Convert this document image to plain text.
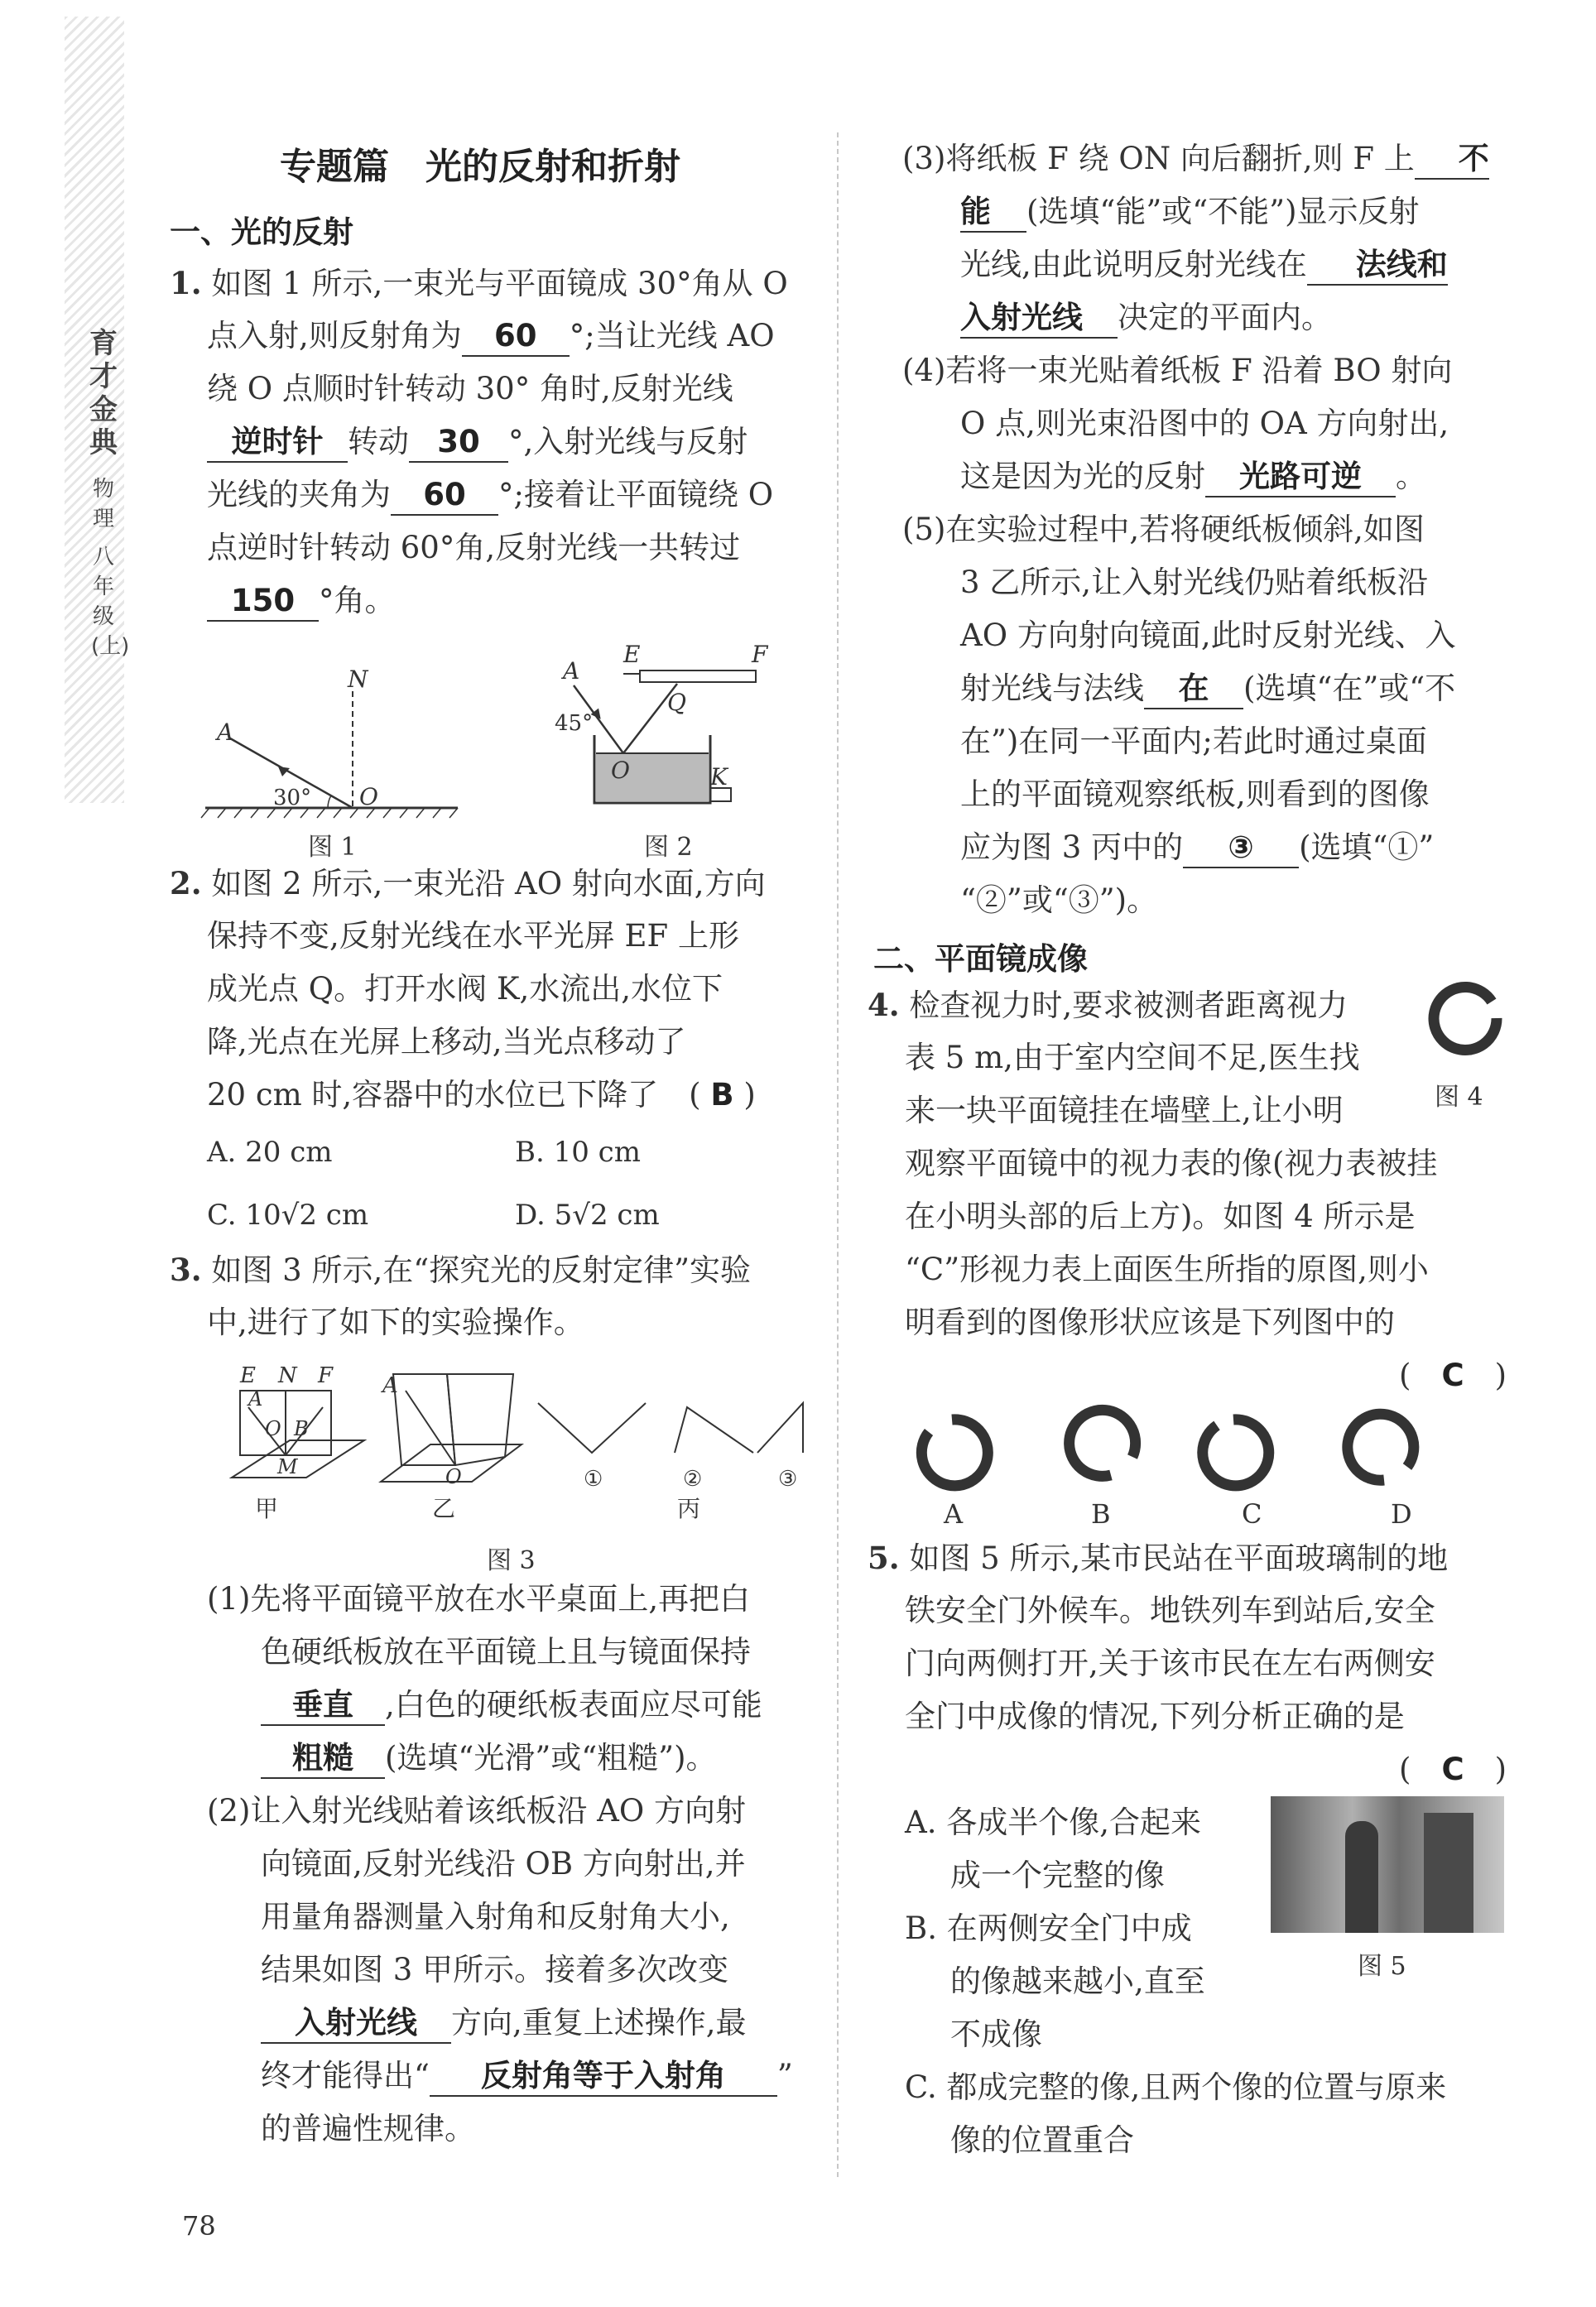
育才金典
物理
八年级(上)
专题篇　光的反射和折射
一、光的反射
1. 如图 1 所示,一束光与平面镜成 30°角从 O
点入射,则反射角为 60 °;当让光线 AO
绕 O 点顺时针转动 30° 角时,反射光线
逆时针 转动 30 °,入射光线与反射
光线的夹角为 60 °;接着让平面镜绕 O
点逆时针转动 60°角,反射光线一共转过
150 °角。
N
A
30° O
图 1
E	F
A
Q
45°
O	K
图 2
2. 如图 2 所示,一束光沿 AO 射向水面,方向
保持不变,反射光线在水平光屏 EF 上形
成光点 Q。打开水阀 K,水流出,水位下
降,光点在光屏上移动,当光点移动了
20 cm 时,容器中的水位已下降了　( B )
A. 20 cm	B. 10 cm
C. 10√2 cm	D. 5√2 cm
3. 如图 3 所示,在“探究光的反射定律”实验
中,进行了如下的实验操作。
E N F
A
O B
M
A
O	①	②	③
甲	乙	丙
图 3
(1)先将平面镜平放在水平桌面上,再把白
色硬纸板放在平面镜上且与镜面保持
垂直 ,白色的硬纸板表面应尽可能
粗糙 (选填“光滑”或“粗糙”)。
(2)让入射光线贴着该纸板沿 AO 方向射
向镜面,反射光线沿 OB 方向射出,并
用量角器测量入射角和反射角大小,
结果如图 3 甲所示。接着多次改变
入射光线 方向,重复上述操作,最
终才能得出“ 反射角等于入射角 ”
的普遍性规律。
(3)将纸板 F 绕 ON 向后翻折,则 F 上 不
能 (选填“能”或“不能”)显示反射
光线,由此说明反射光线在 法线和
入射光线 决定的平面内。
(4)若将一束光贴着纸板 F 沿着 BO 射向
O 点,则光束沿图中的 OA 方向射出,
这是因为光的反射 光路可逆 。
(5)在实验过程中,若将硬纸板倾斜,如图
3 乙所示,让入射光线仍贴着纸板沿
AO 方向射向镜面,此时反射光线、入
射光线与法线 在 (选填“在”或“不
在”)在同一平面内;若此时通过桌面
上的平面镜观察纸板,则看到的图像
应为图 3 丙中的 ③ (选填“①”
“②”或“③”)。
二、平面镜成像
4. 检查视力时,要求被测者距离视力
表 5 m,由于室内空间不足,医生找
来一块平面镜挂在墙壁上,让小明
观察平面镜中的视力表的像(视力表被挂
在小明头部的后上方)。如图 4 所示是
“C”形视力表上面医生所指的原图,则小
明看到的图像形状应该是下列图中的
(　 C　 )
图 4
A	B	C	D
5. 如图 5 所示,某市民站在平面玻璃制的地
铁安全门外候车。地铁列车到站后,安全
门向两侧打开,关于该市民在左右两侧安
全门中成像的情况,下列分析正确的是
(　 C　 )
A. 各成半个像,合起来
成一个完整的像
B. 在两侧安全门中成
的像越来越小,直至
不成像
C. 都成完整的像,且两个像的位置与原来
像的位置重合
图 5
78
